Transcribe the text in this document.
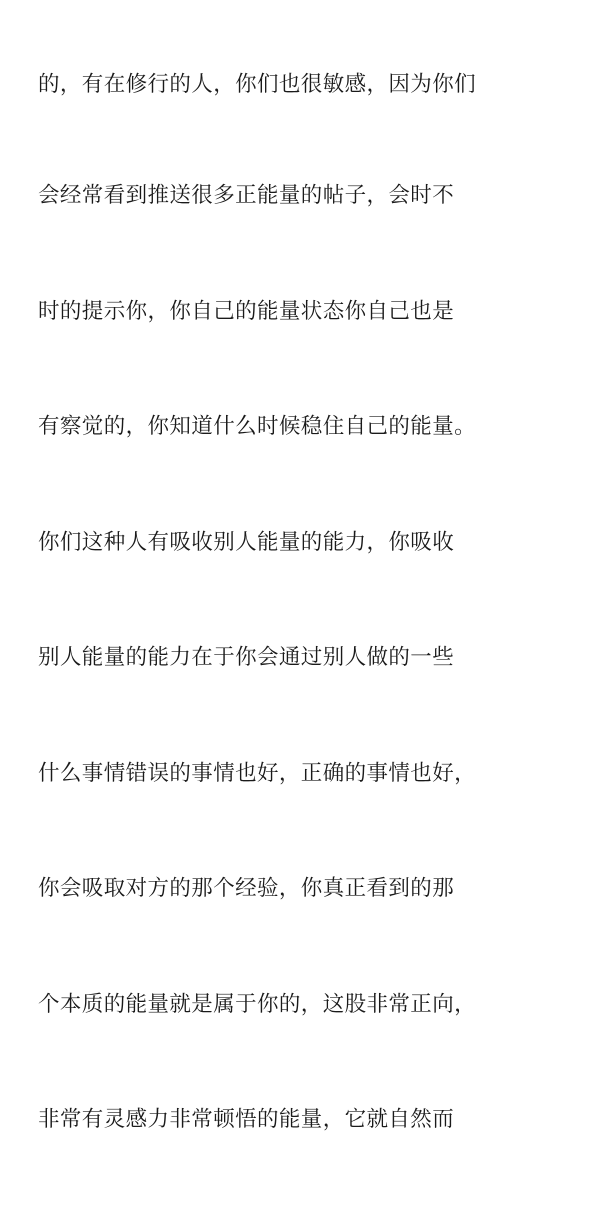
的，有在修行的人，你们也很敏感，因为你们

会经常看到推送很多正能量的帖子，会时不

时的提示你，你自己的能量状态你自己也是

有察觉的，你知道什么时候稳住自己的能量。

你们这种人有吸收别人能量的能力，你吸收

别人能量的能力在于你会通过别人做的一些

什么事情错误的事情也好，正确的事情也好，

你会吸取对方的那个经验，你真正看到的那

个本质的能量就是属于你的，这股非常正向，

非常有灵感力非常顿悟的能量，它就自然而
